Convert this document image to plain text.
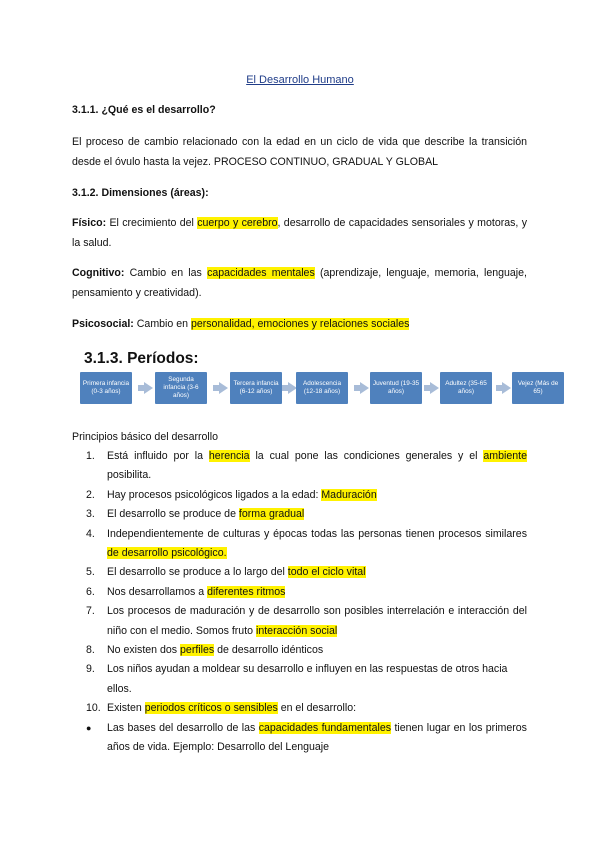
El Desarrollo Humano
3.1.1. ¿Qué es el desarrollo?
El proceso de cambio relacionado con la edad en un ciclo de vida que describe la transición desde el óvulo hasta la vejez. PROCESO CONTINUO, GRADUAL Y GLOBAL
3.1.2. Dimensiones (áreas):
Físico: El crecimiento del cuerpo y cerebro, desarrollo de capacidades sensoriales y motoras, y la salud.
Cognitivo: Cambio en las capacidades mentales (aprendizaje, lenguaje, memoria, lenguaje, pensamiento y creatividad).
Psicosocial: Cambio en personalidad, emociones y relaciones sociales
3.1.3. Períodos:
Primera infancia (0-3 años)
Segunda infancia (3-6 años)
Tercera infancia (6-12 años)
Adolescencia (12-18 años)
Juventud (19-35 años)
Adultez (35-65 años)
Vejez (Más de 65)
Principios básico del desarrollo
1.	Está influido por la herencia la cual pone las condiciones generales y el ambiente posibilita.
2.	Hay procesos psicológicos ligados a la edad: Maduración
3.	El desarrollo se produce de forma gradual
4.	Independientemente de culturas y épocas todas las personas tienen procesos similares de desarrollo psicológico.
5.	El desarrollo se produce a lo largo del todo el ciclo vital
6.	Nos desarrollamos a diferentes ritmos
7.	Los procesos de maduración y de desarrollo son posibles interrelación e interacción del niño con el medio. Somos fruto interacción social
8.	No existen dos perfiles de desarrollo idénticos
9.	Los niños ayudan a moldear su desarrollo e influyen en las respuestas de otros hacia ellos.
10. Existen periodos críticos o sensibles en el desarrollo:
●	Las bases del desarrollo de las capacidades fundamentales tienen lugar en los primeros años de vida. Ejemplo: Desarrollo del Lenguaje
